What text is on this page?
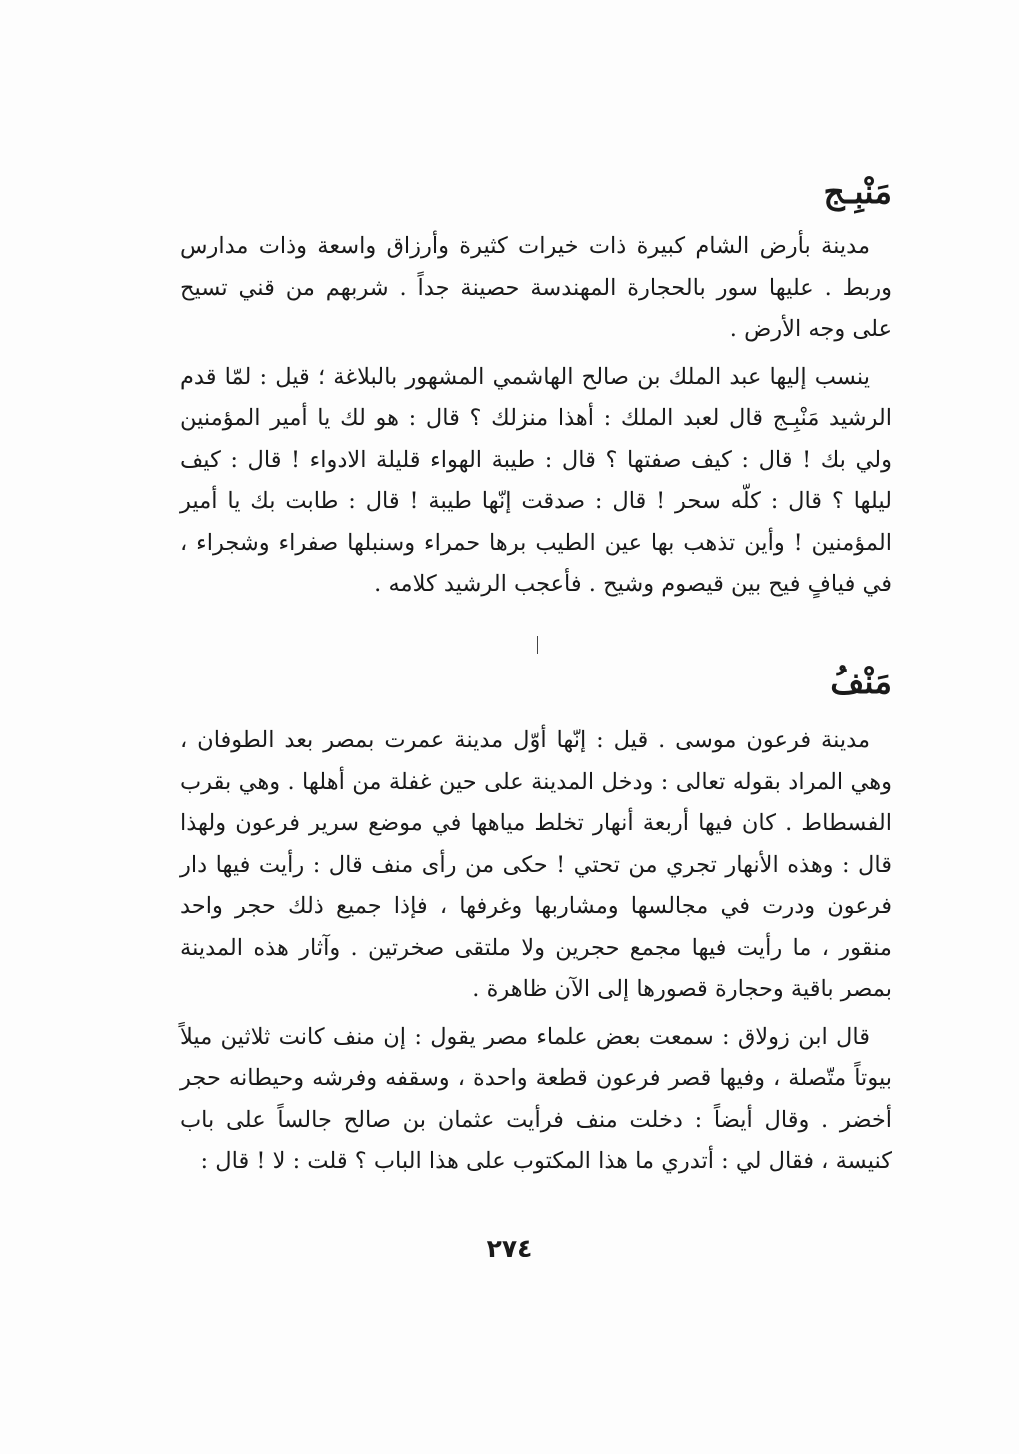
مَنْبِـج

مدينة بأرض الشام كبيرة ذات خيرات كثيرة وأرزاق واسعة وذات مدارس وربط . عليها سور بالحجارة المهندسة حصينة جداً . شربهم من قني تسيح على وجه الأرض .

ينسب إليها عبد الملك بن صالح الهاشمي المشهور بالبلاغة ؛ قيل : لمّا قدم الرشيد مَنْبِـج قال لعبد الملك : أهذا منزلك ؟ قال : هو لك يا أمير المؤمنين ولي بك ! قال : كيف صفتها ؟ قال : طيبة الهواء قليلة الادواء ! قال : كيف ليلها ؟ قال : كلّه سحر ! قال : صدقت إنّها طيبة ! قال : طابت بك يا أمير المؤمنين ! وأين تذهب بها عين الطيب برها حمراء وسنبلها صفراء وشجراء ، في فيافٍ فيح بين قيصوم وشيح . فأعجب الرشيد كلامه .

مَنْفُ

مدينة فرعون موسى . قيل : إنّها أوّل مدينة عمرت بمصر بعد الطوفان ، وهي المراد بقوله تعالى : ودخل المدينة على حين غفلة من أهلها . وهي بقرب الفسطاط . كان فيها أربعة أنهار تخلط مياهها في موضع سرير فرعون ولهذا قال : وهذه الأنهار تجري من تحتي ! حكى من رأى منف قال : رأيت فيها دار فرعون ودرت في مجالسها ومشاربها وغرفها ، فإذا جميع ذلك حجر واحد منقور ، ما رأيت فيها مجمع حجرين ولا ملتقى صخرتين . وآثار هذه المدينة بمصر باقية وحجارة قصورها إلى الآن ظاهرة .

قال ابن زولاق : سمعت بعض علماء مصر يقول : إن منف كانت ثلاثين ميلاً بيوتاً متّصلة ، وفيها قصر فرعون قطعة واحدة ، وسقفه وفرشه وحيطانه حجر أخضر . وقال أيضاً : دخلت منف فرأيت عثمان بن صالح جالساً على باب كنيسة ، فقال لي : أتدري ما هذا المكتوب على هذا الباب ؟ قلت : لا ! قال :

٢٧٤
